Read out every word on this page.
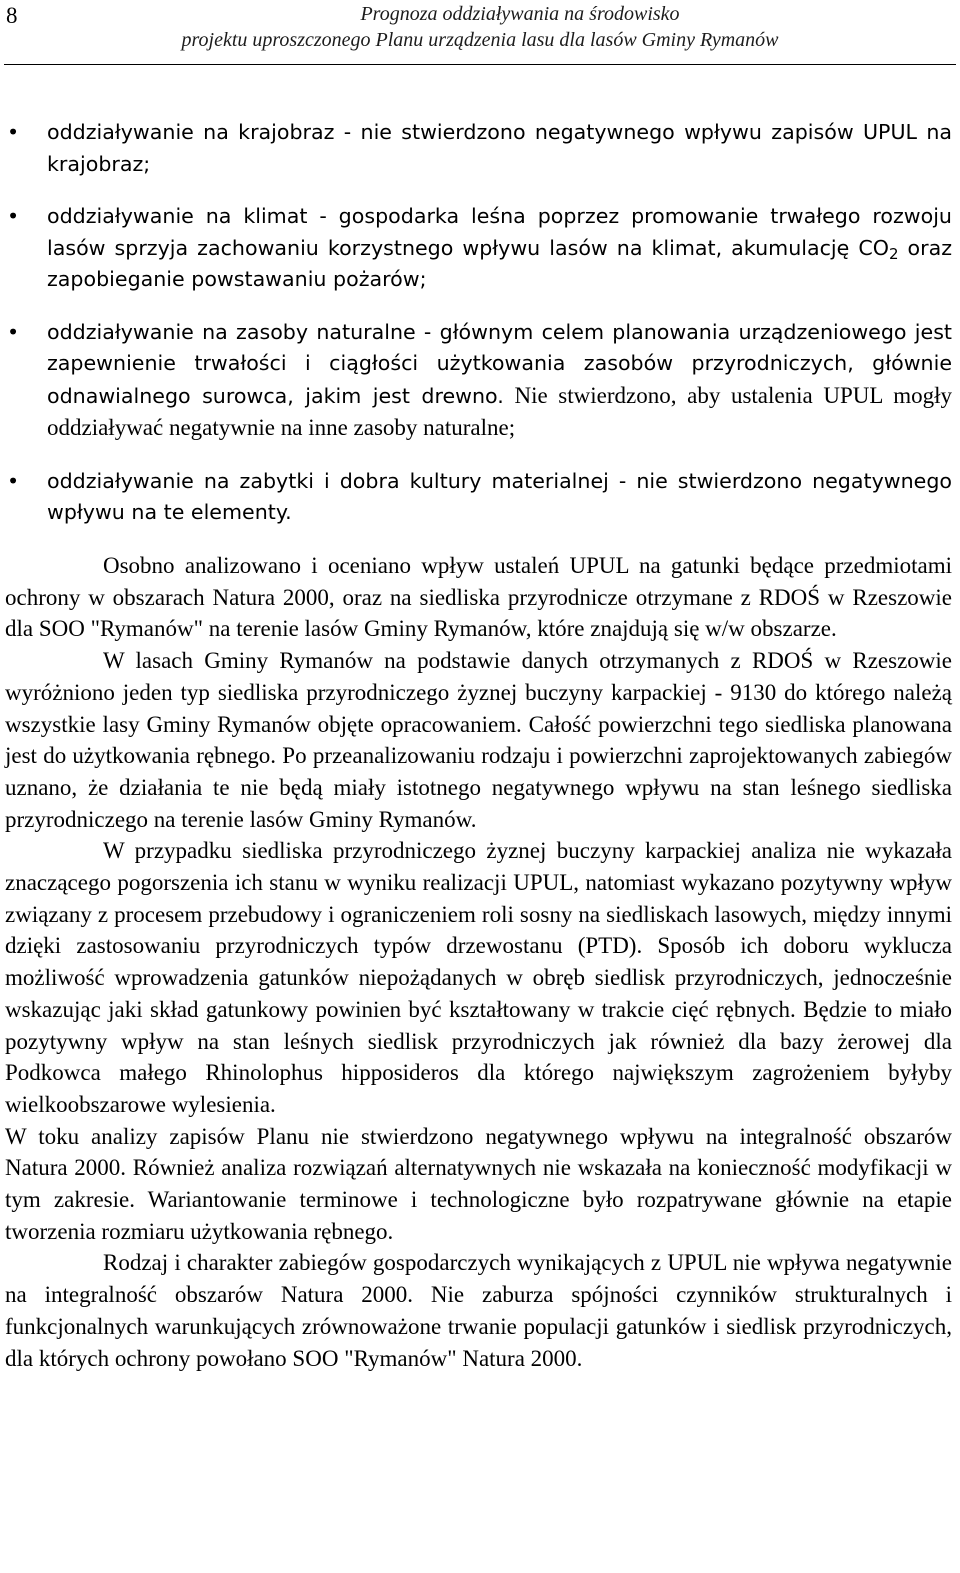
8	Prognoza oddziaływania na środowisko
projektu uproszczonego Planu urządzenia lasu dla lasów Gminy Rymanów
• oddziaływanie na krajobraz - nie stwierdzono negatywnego wpływu zapisów UPUL na krajobraz;
• oddziaływanie na klimat - gospodarka leśna poprzez promowanie trwałego rozwoju lasów sprzyja zachowaniu korzystnego wpływu lasów na klimat, akumulację $CO_2$ oraz zapobieganie powstawaniu pożarów;
• oddziaływanie na zasoby naturalne - głównym celem planowania urządzeniowego jest zapewnienie trwałości i ciągłości użytkowania zasobów przyrodniczych, głównie odnawialnego surowca, jakim jest drewno. Nie stwierdzono, aby ustalenia UPUL mogły oddziaływać negatywnie na inne zasoby naturalne;
• oddziaływanie na zabytki i dobra kultury materialnej - nie stwierdzono negatywnego wpływu na te elementy.

Osobno analizowano i oceniano wpływ ustaleń UPUL na gatunki będące przedmiotami ochrony w obszarach Natura 2000, oraz na siedliska przyrodnicze otrzymane z RDOŚ w Rzeszowie dla SOO "Rymanów" na terenie lasów Gminy Rymanów, które znajdują się w/w obszarze.

W lasach Gminy Rymanów na podstawie danych otrzymanych z RDOŚ w Rzeszowie wyróżniono jeden typ siedliska przyrodniczego żyznej buczyny karpackiej - 9130 do którego należą wszystkie lasy Gminy Rymanów objęte opracowaniem. Całość powierzchni tego siedliska planowana jest do użytkowania rębnego. Po przeanalizowaniu rodzaju i powierzchni zaprojektowanych zabiegów uznano, że działania te nie będą miały istotnego negatywnego wpływu na stan leśnego siedliska przyrodniczego na terenie lasów Gminy Rymanów.

W przypadku siedliska przyrodniczego żyznej buczyny karpackiej analiza nie wykazała znaczącego pogorszenia ich stanu w wyniku realizacji UPUL, natomiast wykazano pozytywny wpływ związany z procesem przebudowy i ograniczeniem roli sosny na siedliskach lasowych, między innymi dzięki zastosowaniu przyrodniczych typów drzewostanu (PTD). Sposób ich doboru wyklucza możliwość wprowadzenia gatunków niepożądanych w obręb siedlisk przyrodniczych, jednocześnie wskazując jaki skład gatunkowy powinien być kształtowany w trakcie cięć rębnych. Będzie to miało pozytywny wpływ na stan leśnych siedlisk przyrodniczych jak również dla bazy żerowej dla Podkowca małego Rhinolophus hipposideros dla którego największym zagrożeniem byłyby wielkoobszarowe wylesienia.

W toku analizy zapisów Planu nie stwierdzono negatywnego wpływu na integralność obszarów Natura 2000. Również analiza rozwiązań alternatywnych nie wskazała na konieczność modyfikacji w tym zakresie. Wariantowanie terminowe i technologiczne było rozpatrywane głównie na etapie tworzenia rozmiaru użytkowania rębnego.

Rodzaj i charakter zabiegów gospodarczych wynikających z UPUL nie wpływa negatywnie na integralność obszarów Natura 2000. Nie zaburza spójności czynników strukturalnych i funkcjonalnych warunkujących zrównoważone trwanie populacji gatunków i siedlisk przyrodniczych, dla których ochrony powołano SOO "Rymanów" Natura 2000.
